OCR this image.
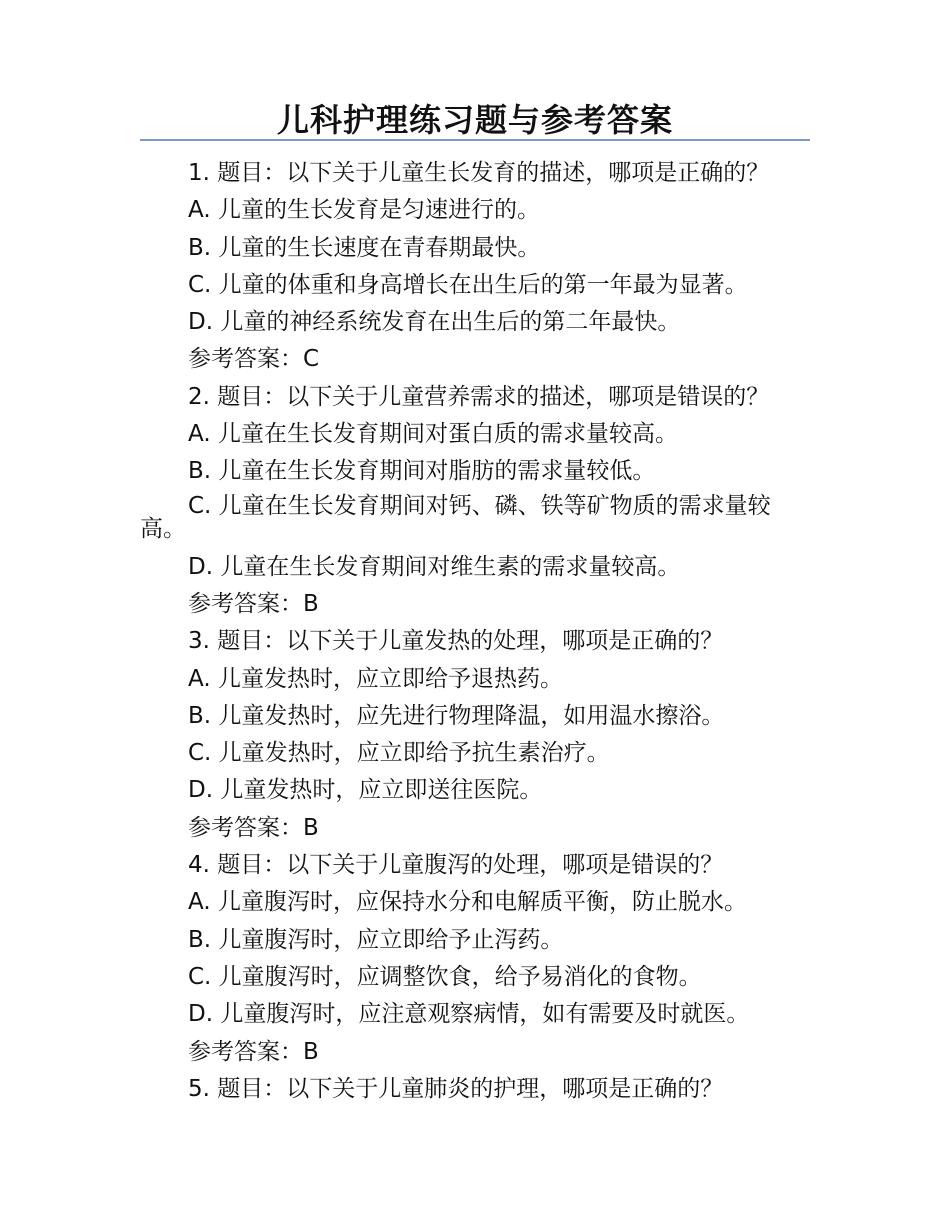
儿科护理练习题与参考答案
1. 题目：以下关于儿童生长发育的描述，哪项是正确的？
A. 儿童的生长发育是匀速进行的。
B. 儿童的生长速度在青春期最快。
C. 儿童的体重和身高增长在出生后的第一年最为显著。
D. 儿童的神经系统发育在出生后的第二年最快。
参考答案：C
2. 题目：以下关于儿童营养需求的描述，哪项是错误的？
A. 儿童在生长发育期间对蛋白质的需求量较高。
B. 儿童在生长发育期间对脂肪的需求量较低。
C. 儿童在生长发育期间对钙、磷、铁等矿物质的需求量较高。
D. 儿童在生长发育期间对维生素的需求量较高。
参考答案：B
3. 题目：以下关于儿童发热的处理，哪项是正确的？
A. 儿童发热时，应立即给予退热药。
B. 儿童发热时，应先进行物理降温，如用温水擦浴。
C. 儿童发热时，应立即给予抗生素治疗。
D. 儿童发热时，应立即送往医院。
参考答案：B
4. 题目：以下关于儿童腹泻的处理，哪项是错误的？
A. 儿童腹泻时，应保持水分和电解质平衡，防止脱水。
B. 儿童腹泻时，应立即给予止泻药。
C. 儿童腹泻时，应调整饮食，给予易消化的食物。
D. 儿童腹泻时，应注意观察病情，如有需要及时就医。
参考答案：B
5. 题目：以下关于儿童肺炎的护理，哪项是正确的？
